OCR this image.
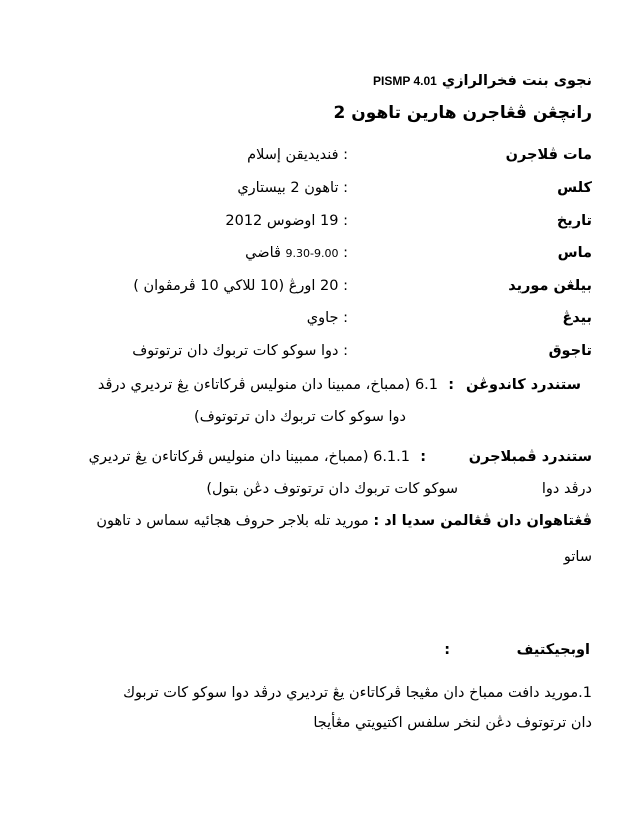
نجوى بنت فخرالرازي PISMP 4.01
رانچڠن ڤڠاجرن هارين تاهون 2
مات ڤلاجرن
: فنديديقن إسلام
كلس
: تاهون 2 بيستاري
تاريخ
: 19 اوضوس 2012
ماس
: 9.30-9.00 ڤاضي
بيلڠن موريد
: 20 اورڠ (10 للاكي 10 ڤرمڤوان )
بيدڠ
: جاوي
تاجوق
: دوا سوكو كات تربوك دان ترتوتوف
ستندرد كاندوڠن
:
6.1 (ممباخ، ممبينا دان منوليس ڤركاتاءن يڠ ترديري درڤد
دوا سوكو كات تربوك دان ترتوتوف)
ستندرد ڤمبلاجرن
:
6.1.1 (ممباخ، ممبينا دان منوليس ڤركاتاءن يڠ ترديري
درڤد دوا
سوكو كات تربوك دان ترتوتوف دڠن بتول)
ڤڠتاهوان دان ڤڠالمن سديا اد : موريد تله بلاجر حروف هجائيه سماس د تاهون
ساتو
اوبجيكتيف
:
1.موريد دافت ممباخ دان مڠيجا ڤركاتاءن يڠ ترديري درڤد دوا سوكو كات تربوك
دان ترتوتوف دڠن لنخر سلفس اكتيويتي مڠأيجا
